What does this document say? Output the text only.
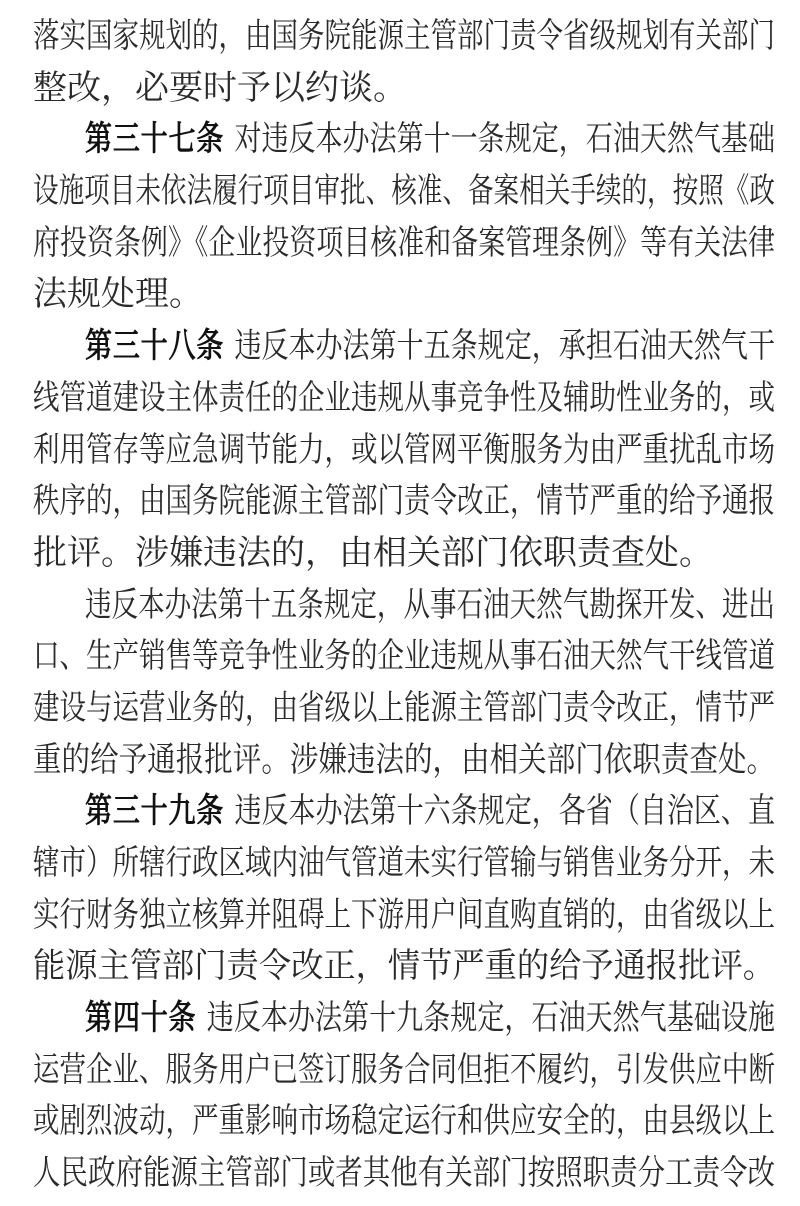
落实国家规划的，由国务院能源主管部门责令省级规划有关部门
整改，必要时予以约谈。
第三十七条 对违反本办法第十一条规定，石油天然气基础
设施项目未依法履行项目审批、核准、备案相关手续的，按照《政
府投资条例》《企业投资项目核准和备案管理条例》等有关法律
法规处理。
第三十八条 违反本办法第十五条规定，承担石油天然气干
线管道建设主体责任的企业违规从事竞争性及辅助性业务的，或
利用管存等应急调节能力，或以管网平衡服务为由严重扰乱市场
秩序的，由国务院能源主管部门责令改正，情节严重的给予通报
批评。涉嫌违法的，由相关部门依职责查处。
违反本办法第十五条规定，从事石油天然气勘探开发、进出
口、生产销售等竞争性业务的企业违规从事石油天然气干线管道
建设与运营业务的，由省级以上能源主管部门责令改正，情节严
重的给予通报批评。涉嫌违法的，由相关部门依职责查处。
第三十九条 违反本办法第十六条规定，各省（自治区、直
辖市）所辖行政区域内油气管道未实行管输与销售业务分开，未
实行财务独立核算并阻碍上下游用户间直购直销的，由省级以上
能源主管部门责令改正，情节严重的给予通报批评。
第四十条 违反本办法第十九条规定，石油天然气基础设施
运营企业、服务用户已签订服务合同但拒不履约，引发供应中断
或剧烈波动，严重影响市场稳定运行和供应安全的，由县级以上
人民政府能源主管部门或者其他有关部门按照职责分工责令改
